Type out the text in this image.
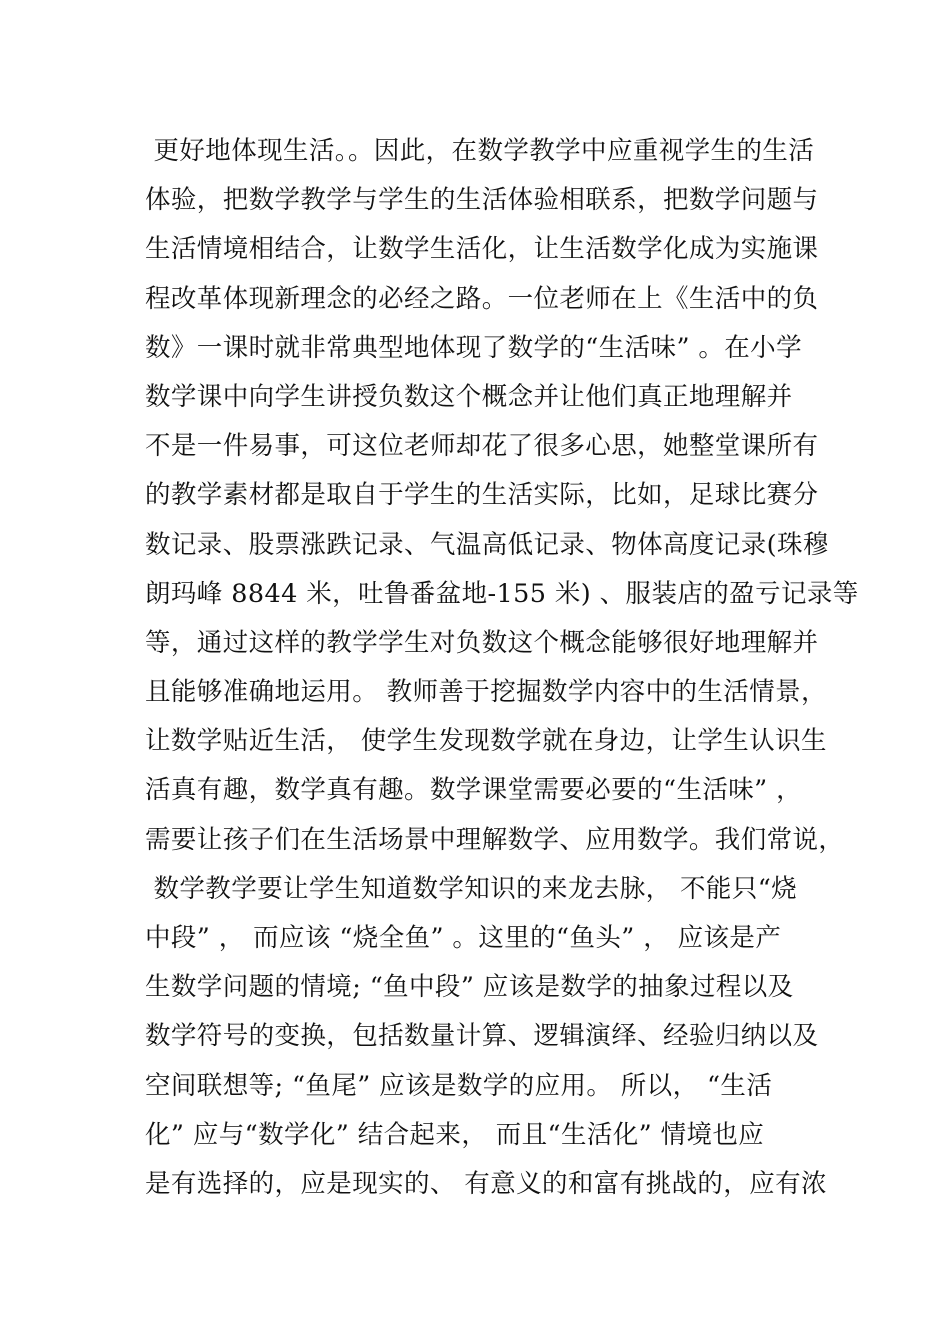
更好地体现生活。。因此，在数学教学中应重视学生的生活
体验，把数学教学与学生的生活体验相联系，把数学问题与
生活情境相结合，让数学生活化，让生活数学化成为实施课
程改革体现新理念的必经之路。一位老师在上《生活中的负
数》一课时就非常典型地体现了数学的“生活味” 。在小学
数学课中向学生讲授负数这个概念并让他们真正地理解并
不是一件易事，可这位老师却花了很多心思，她整堂课所有
的教学素材都是取自于学生的生活实际，比如，足球比赛分
数记录、股票涨跌记录、气温高低记录、物体高度记录(珠穆
朗玛峰 8844 米，吐鲁番盆地-155 米) 、服装店的盈亏记录等
等，通过这样的教学学生对负数这个概念能够很好地理解并
且能够准确地运用。 教师善于挖掘数学内容中的生活情景，
让数学贴近生活， 使学生发现数学就在身边，让学生认识生
活真有趣，数学真有趣。数学课堂需要必要的“生活味” ，
需要让孩子们在生活场景中理解数学、应用数学。我们常说，
数学教学要让学生知道数学知识的来龙去脉， 不能只“烧
中段” ， 而应该 “烧全鱼” 。这里的“鱼头” ， 应该是产
生数学问题的情境; “鱼中段” 应该是数学的抽象过程以及
数学符号的变换，包括数量计算、逻辑演绎、经验归纳以及
空间联想等; “鱼尾” 应该是数学的应用。 所以， “生活
化” 应与“数学化” 结合起来， 而且“生活化” 情境也应
是有选择的，应是现实的、 有意义的和富有挑战的，应有浓
